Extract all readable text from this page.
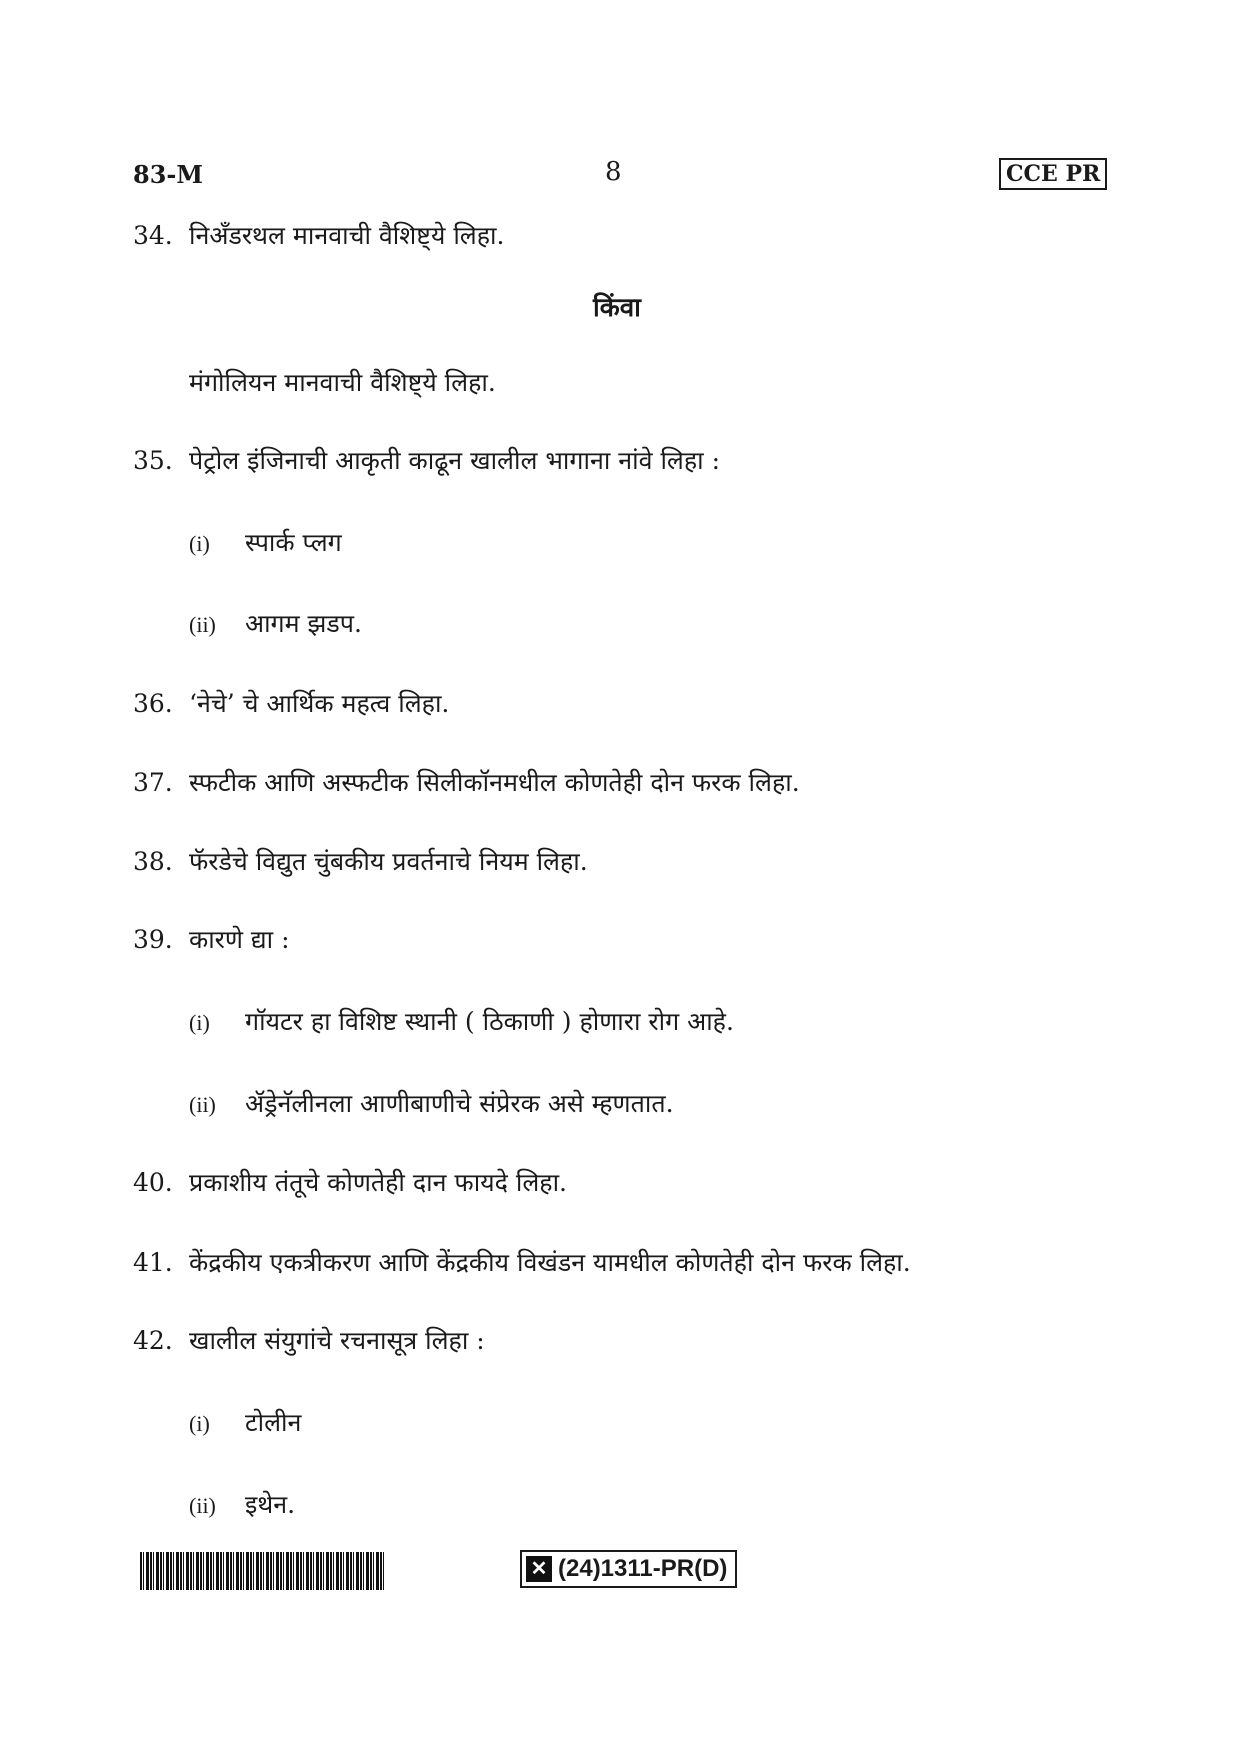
83-M	8	CCE PR
34. निअँडरथल मानवाची वैशिष्ट्ये लिहा.
किंवा
मंगोलियन मानवाची वैशिष्ट्ये लिहा.
35. पेट्रोल इंजिनाची आकृती काढून खालील भागाना नांवे लिहा :
(i) स्पार्क प्लग
(ii) आगम झडप.
36. ‘नेचे’ चे आर्थिक महत्व लिहा.
37. स्फटीक आणि अस्फटीक सिलीकॉनमधील कोणतेही दोन फरक लिहा.
38. फॅरडेचे विद्युत चुंबकीय प्रवर्तनाचे नियम लिहा.
39. कारणे द्या :
(i) गॉयटर हा विशिष्ट स्थानी ( ठिकाणी ) होणारा रोग आहे.
(ii) ॲड्रेनॅलीनला आणीबाणीचे संप्रेरक असे म्हणतात.
40. प्रकाशीय तंतूचे कोणतेही दान फायदे लिहा.
41. केंद्रकीय एकत्रीकरण आणि केंद्रकीय विखंडन यामधील कोणतेही दोन फरक लिहा.
42. खालील संयुगांचे रचनासूत्र लिहा :
(i) टोलीन
(ii) इथेन.
✕ (24)1311-PR(D)
